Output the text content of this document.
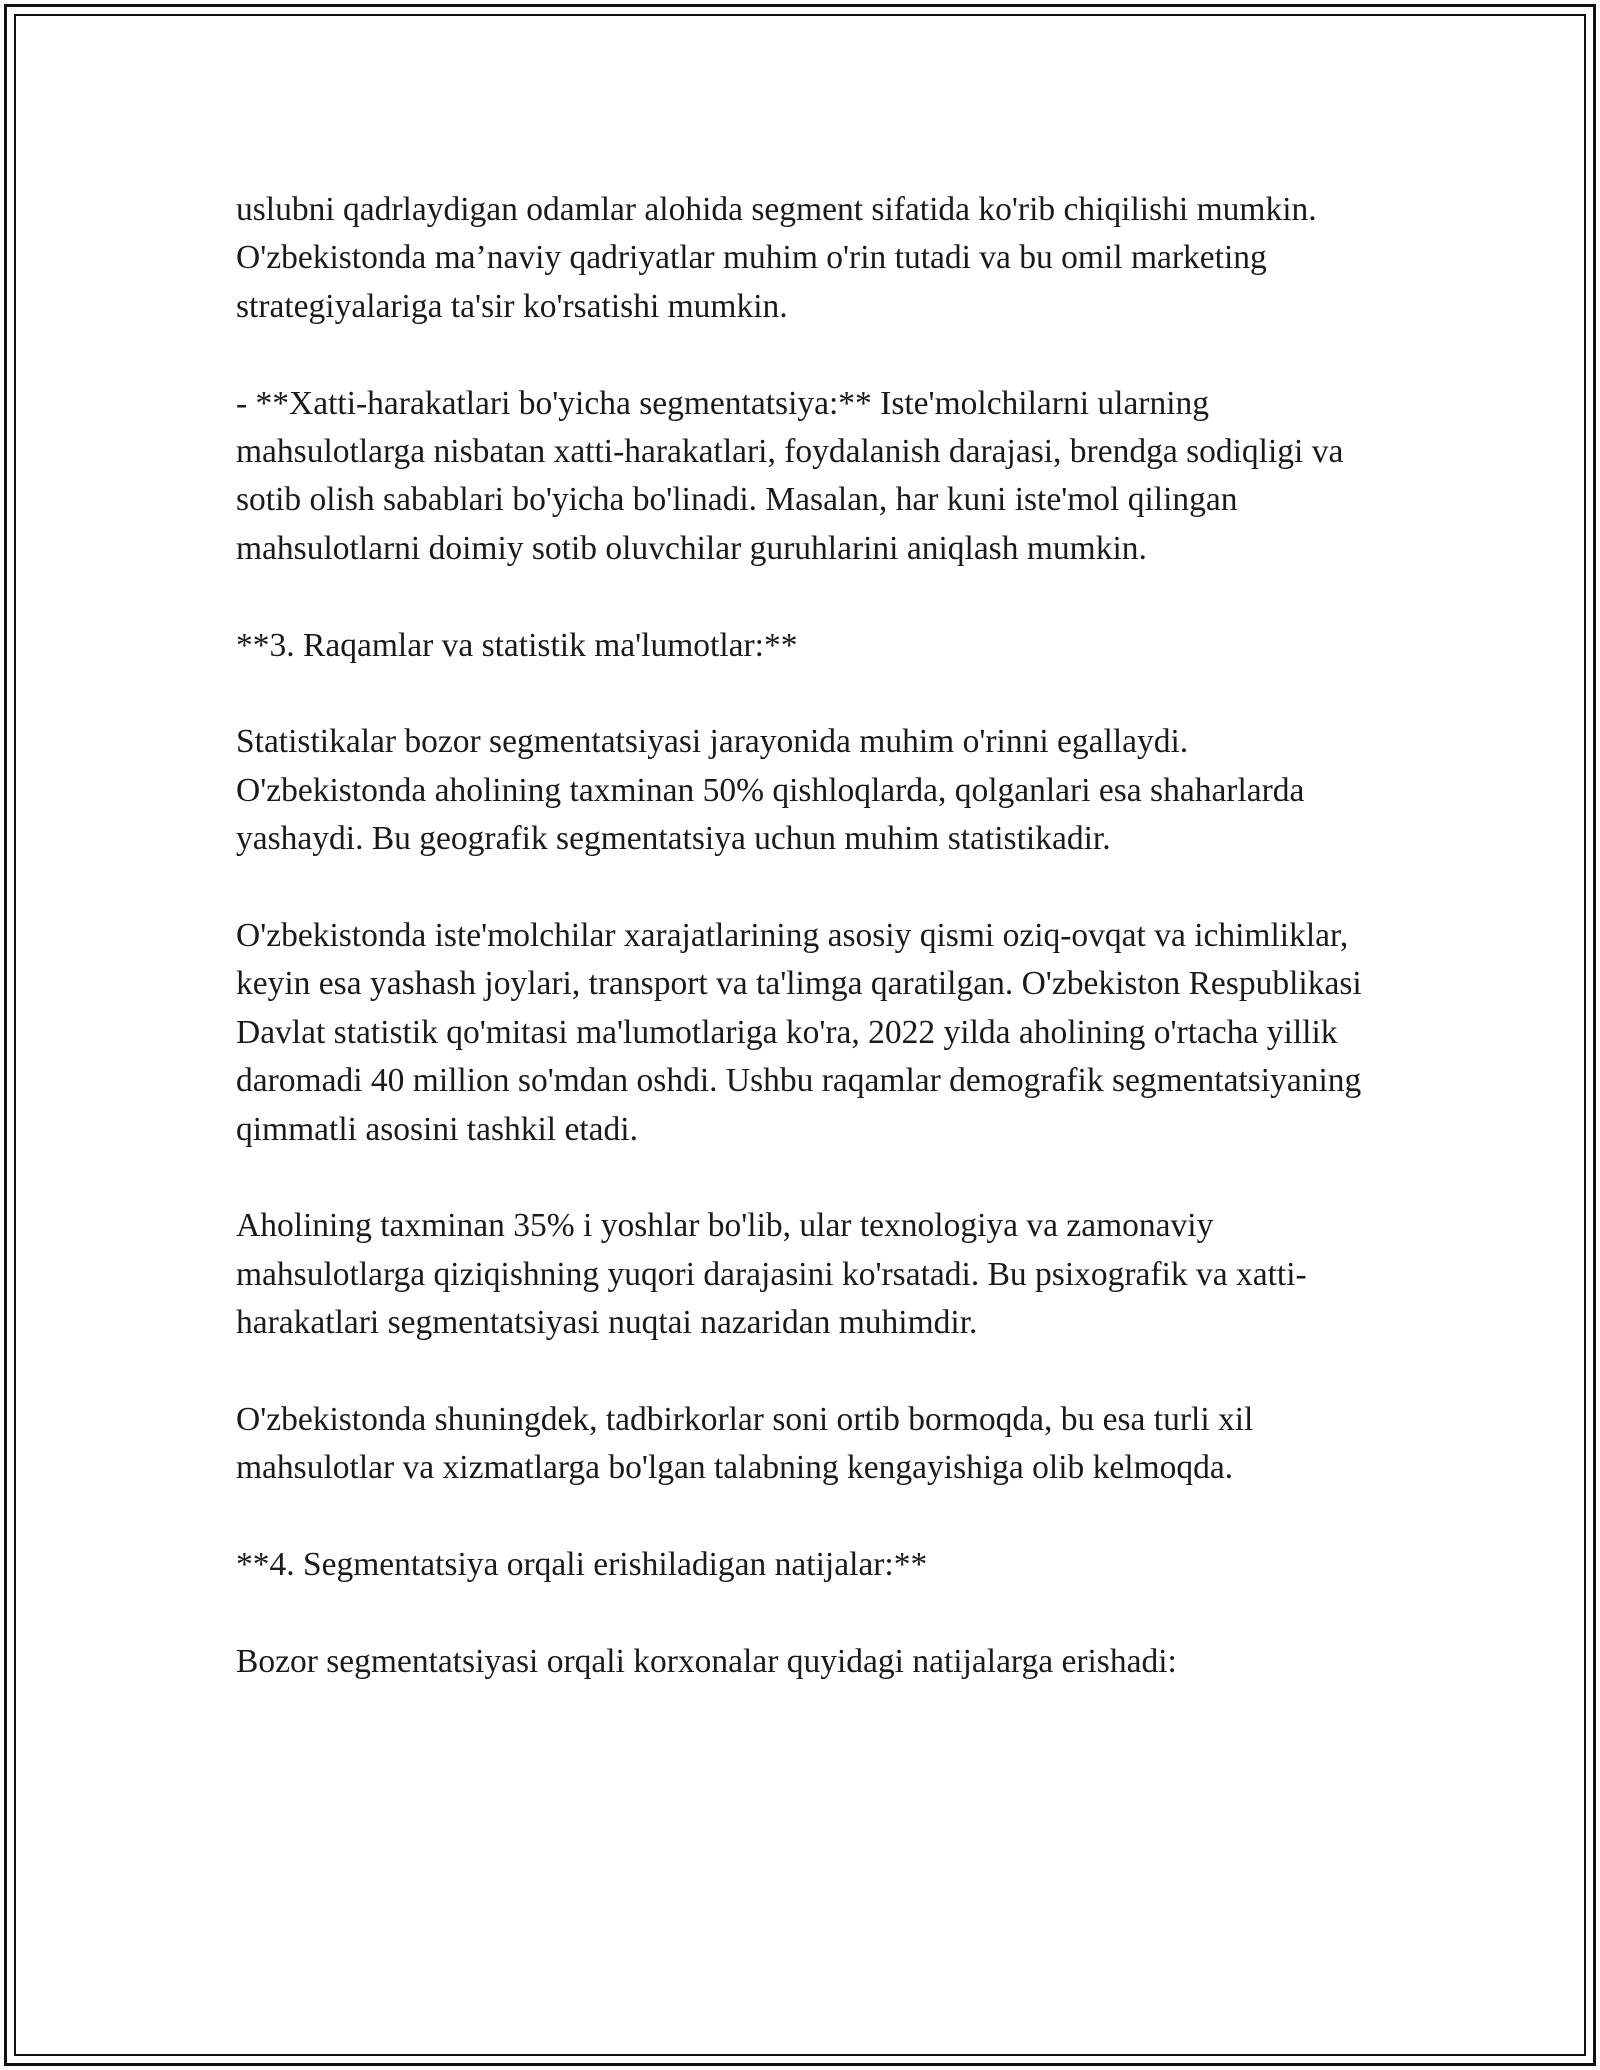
uslubni qadrlaydigan odamlar alohida segment sifatida ko'rib chiqilishi mumkin. O'zbekistonda ma’naviy qadriyatlar muhim o'rin tutadi va bu omil marketing strategiyalariga ta'sir ko'rsatishi mumkin.

- **Xatti-harakatlari bo'yicha segmentatsiya:** Iste'molchilarni ularning mahsulotlarga nisbatan xatti-harakatlari, foydalanish darajasi, brendga sodiqligi va sotib olish sabablari bo'yicha bo'linadi. Masalan, har kuni iste'mol qilingan mahsulotlarni doimiy sotib oluvchilar guruhlarini aniqlash mumkin.

**3. Raqamlar va statistik ma'lumotlar:**

Statistikalar bozor segmentatsiyasi jarayonida muhim o'rinni egallaydi. O'zbekistonda aholining taxminan 50% qishloqlarda, qolganlari esa shaharlarda yashaydi. Bu geografik segmentatsiya uchun muhim statistikadir.

O'zbekistonda iste'molchilar xarajatlarining asosiy qismi oziq-ovqat va ichimliklar, keyin esa yashash joylari, transport va ta'limga qaratilgan. O'zbekiston Respublikasi Davlat statistik qo'mitasi ma'lumotlariga ko'ra, 2022 yilda aholining o'rtacha yillik daromadi 40 million so'mdan oshdi. Ushbu raqamlar demografik segmentatsiyaning qimmatli asosini tashkil etadi.

Aholining taxminan 35% i yoshlar bo'lib, ular texnologiya va zamonaviy mahsulotlarga qiziqishning yuqori darajasini ko'rsatadi. Bu psixografik va xatti-harakatlari segmentatsiyasi nuqtai nazaridan muhimdir.

O'zbekistonda shuningdek, tadbirkorlar soni ortib bormoqda, bu esa turli xil mahsulotlar va xizmatlarga bo'lgan talabning kengayishiga olib kelmoqda.

**4. Segmentatsiya orqali erishiladigan natijalar:**

Bozor segmentatsiyasi orqali korxonalar quyidagi natijalarga erishadi:
